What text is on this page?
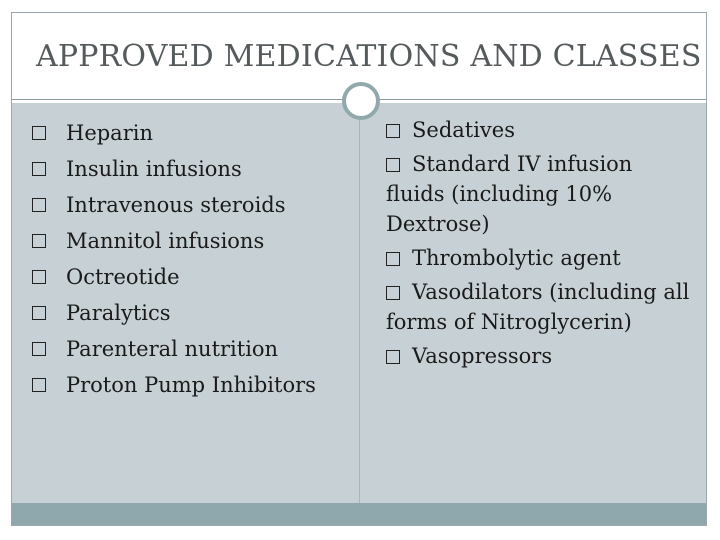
APPROVED MEDICATIONS AND CLASSES
Heparin
Insulin infusions
Intravenous steroids
Mannitol infusions
Octreotide
Paralytics
Parenteral nutrition
Proton Pump Inhibitors
Sedatives
Standard IV infusion fluids (including 10% Dextrose)
Thrombolytic agent
Vasodilators (including all forms of Nitroglycerin)
Vasopressors
